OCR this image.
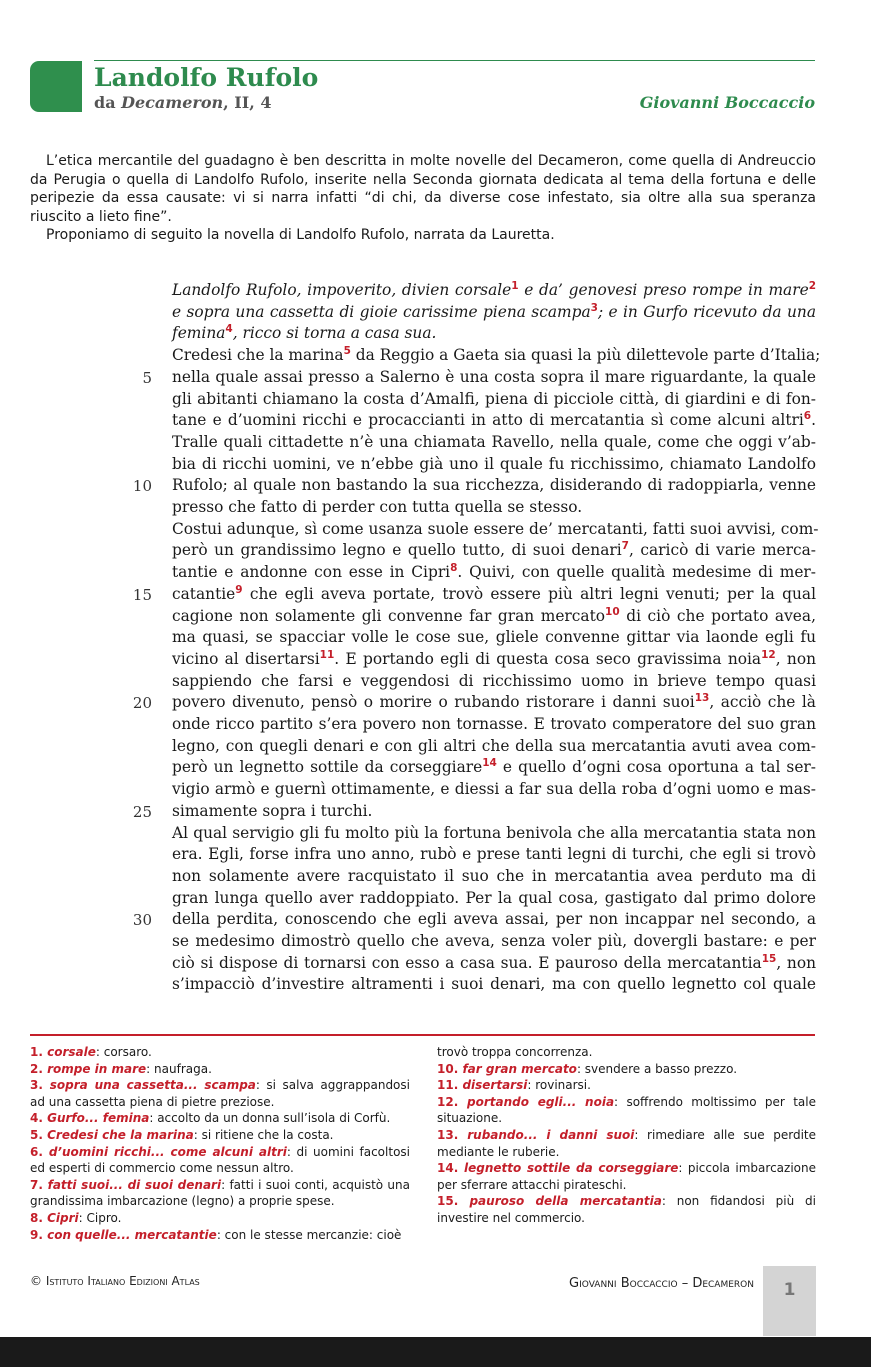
Landolfo Rufolo
da Decameron, II, 4	Giovanni Boccaccio

L’etica mercantile del guadagno è ben descritta in molte novelle del Decameron, come quella di Andreuccio da Perugia o quella di Landolfo Rufolo, inserite nella Seconda giornata dedicata al tema della fortuna e delle peripezie da essa causate: vi si narra infatti “di chi, da diverse cose infestato, sia oltre alla sua speranza riuscito a lieto fine”.

Proponiamo di seguito la novella di Landolfo Rufolo, narrata da Lauretta.

Landolfo Rufolo, impoverito, divien corsale$^1$ e da’ genovesi preso rompe in mare$^2$
e sopra una cassetta di gioie carissime piena scampa$^3$; e in Gurfo ricevuto da una
femina$^4$, ricco si torna a casa sua.
Credesi che la marina$^5$ da Reggio a Gaeta sia quasi la più dilettevole parte d’Italia;
nella quale assai presso a Salerno è una costa sopra il mare riguardante, la quale
gli abitanti chiamano la costa d’Amalfi, piena di picciole città, di giardini e di fon-
tane e d’uomini ricchi e procaccianti in atto di mercatantia sì come alcuni altri$^6$.
Tralle quali cittadette n’è una chiamata Ravello, nella quale, come che oggi v’ab-
bia di ricchi uomini, ve n’ebbe già uno il quale fu ricchissimo, chiamato Landolfo
Rufolo; al quale non bastando la sua ricchezza, disiderando di radoppiarla, venne
presso che fatto di perder con tutta quella se stesso.
Costui adunque, sì come usanza suole essere de’ mercatanti, fatti suoi avvisi, com-
però un grandissimo legno e quello tutto, di suoi denari$^7$, caricò di varie merca-
tantie e andonne con esse in Cipri$^8$. Quivi, con quelle qualità medesime di mer-
catantie$^9$ che egli aveva portate, trovò essere più altri legni venuti; per la qual
cagione non solamente gli convenne far gran mercato$^{10}$ di ciò che portato avea,
ma quasi, se spacciar volle le cose sue, gliele convenne gittar via laonde egli fu
vicino al disertarsi$^{11}$. E portando egli di questa cosa seco gravissima noia$^{12}$, non
sappiendo che farsi e veggendosi di ricchissimo uomo in brieve tempo quasi
povero divenuto, pensò o morire o rubando ristorare i danni suoi$^{13}$, acciò che là
onde ricco partito s’era povero non tornasse. E trovato comperatore del suo gran
legno, con quegli denari e con gli altri che della sua mercatantia avuti avea com-
però un legnetto sottile da corseggiare$^{14}$ e quello d’ogni cosa oportuna a tal ser-
vigio armò e guernì ottimamente, e diessi a far sua della roba d’ogni uomo e mas-
simamente sopra i turchi.
Al qual servigio gli fu molto più la fortuna benivola che alla mercatantia stata non
era. Egli, forse infra uno anno, rubò e prese tanti legni di turchi, che egli si trovò
non solamente avere racquistato il suo che in mercatantia avea perduto ma di
gran lunga quello aver raddoppiato. Per la qual cosa, gastigato dal primo dolore
della perdita, conoscendo che egli aveva assai, per non incappar nel secondo, a
se medesimo dimostrò quello che aveva, senza voler più, dovergli bastare: e per
ciò si dispose di tornarsi con esso a casa sua. E pauroso della mercatantia$^{15}$, non
s’impacciò d’investire altramenti i suoi denari, ma con quello legnetto col quale
5
10
15
20
25
30
1. corsale: corsaro.
2. rompe in mare: naufraga.
3. sopra una cassetta... scampa: si salva aggrappandosi ad una cassetta piena di pietre preziose.
4. Gurfo... femina: accolto da un donna sull’isola di Corfù.
5. Credesi che la marina: si ritiene che la costa.
6. d’uomini ricchi... come alcuni altri: di uomini facoltosi ed esperti di commercio come nessun altro.
7. fatti suoi... di suoi denari: fatti i suoi conti, acquistò una grandissima imbarcazione (legno) a proprie spese.
8. Cipri: Cipro.
9. con quelle... mercatantie: con le stesse mercanzie: cioè
trovò troppa concorrenza.
10. far gran mercato: svendere a basso prezzo.
11. disertarsi: rovinarsi.
12. portando egli... noia: soffrendo moltissimo per tale situazione.
13. rubando... i danni suoi: rimediare alle sue perdite mediante le ruberie.
14. legnetto sottile da corseggiare: piccola imbarcazione per sferrare attacchi pirateschi.
15. pauroso della mercatantia: non fidandosi più di investire nel commercio.
© Istituto Italiano Edizioni Atlas	Giovanni Boccaccio – Decameron	1
